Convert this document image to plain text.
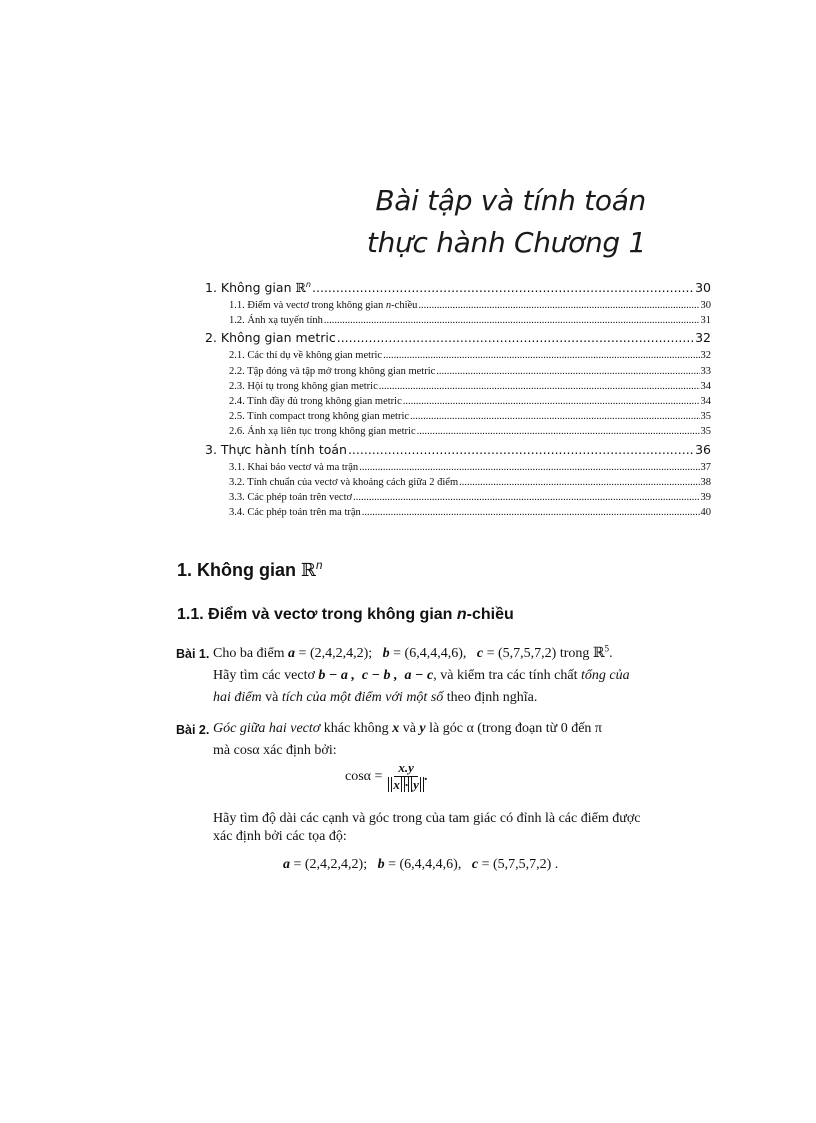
Bài tập và tính toán
thực hành Chương 1
1. Không gian ℝ$^n$ .....	30
1.1. Điểm và vectơ trong không gian n-chiều .....	30
1.2. Ánh xạ tuyến tính .....	31
2. Không gian metric .....	32
2.1. Các thí dụ về không gian metric .....	32
2.2. Tập đóng và tập mở trong không gian metric .....	33
2.3. Hội tụ trong không gian metric .....	34
2.4. Tính đầy đủ trong không gian metric .....	34
2.5. Tính compact trong không gian metric .....	35
2.6. Ánh xạ liên tục trong không gian metric .....	35
3. Thực hành tính toán .....	36
3.1. Khai báo vectơ và ma trận .....	37
3.2. Tính chuẩn của vectơ và khoảng cách giữa 2 điểm .....	38
3.3. Các phép toán trên vectơ .....	39
3.4. Các phép toán trên ma trận .....	40
1. Không gian ℝ$^n$
1.1. Điểm và vectơ trong không gian n-chiều
Bài 1. Cho ba điểm a = (2,4,2,4,2); b = (6,4,4,4,6), c = (5,7,5,7,2) trong ℝ$^5$.
Hãy tìm các vectơ b − a , c − b , a − c, và kiểm tra các tính chất tổng của
hai điểm và tích của một điểm với một số theo định nghĩa.
Bài 2. Góc giữa hai vectơ khác không x và y là góc α (trong đoạn từ 0 đến π
mà cosα xác định bởi:
$\cos\alpha = \frac{x.y}{x \cdot y}$ .
Hãy tìm độ dài các cạnh và góc trong của tam giác có đỉnh là các điểm được
xác định bởi các tọa độ:
a = (2,4,2,4,2); b = (6,4,4,4,6), c = (5,7,5,7,2) .
